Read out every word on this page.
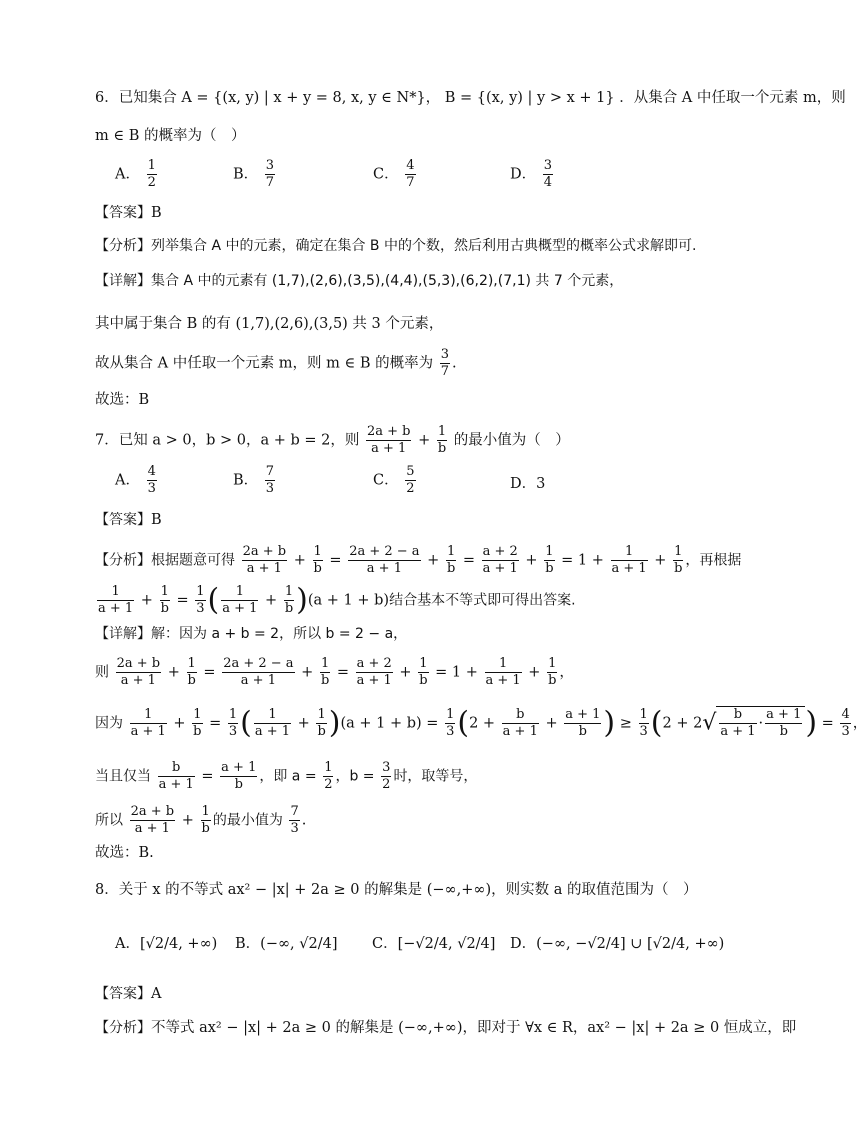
6．已知集合 A = {(x, y) | x + y = 8, x, y ∈ N*}， B = {(x, y) | y > x + 1} ．从集合 A 中任取一个元素 m，则
m ∈ B 的概率为（　）
A． $\frac{1}{2}$	B． $\frac{3}{7}$	C． $\frac{4}{7}$	D． $\frac{3}{4}$
【答案】B
【分析】列举集合 A 中的元素，确定在集合 B 中的个数，然后利用古典概型的概率公式求解即可.
【详解】集合 A 中的元素有 (1,7),(2,6),(3,5),(4,4),(5,3),(6,2),(7,1) 共 7 个元素，
其中属于集合 B 的有 (1,7),(2,6),(3,5) 共 3 个元素，
故从集合 A 中任取一个元素 m，则 m ∈ B 的概率为 $\frac{3}{7}$ .
故选：B
7．已知 a > 0，b > 0，a + b = 2，则 $\frac{2a + b}{a + 1} + \frac{1}{b}$ 的最小值为（　）
A． $\frac{4}{3}$	B． $\frac{7}{3}$	C． $\frac{5}{2}$	D．3
【答案】B
【分析】根据题意可得 $\frac{2a + b}{a + 1} + \frac{1}{b} = \frac{2a + 2 - a}{a + 1} + \frac{1}{b} = \frac{a + 2}{a + 1} + \frac{1}{b} = 1 + \frac{1}{a + 1} + \frac{1}{b}$ ，再根据
$\frac{1}{a + 1} + \frac{1}{b} = \frac{1}{3}$ ( $\frac{1}{a + 1} + \frac{1}{b} )(a + 1 + b)$结合基本不等式即可得出答案.
【详解】解：因为 a + b = 2，所以 b = 2 − a，
则 $\frac{2a + b}{a + 1} + \frac{1}{b} = \frac{2a + 2 - a}{a + 1} + \frac{1}{b} = \frac{a + 2}{a + 1} + \frac{1}{b} = 1 + \frac{1}{a + 1} + \frac{1}{b}$ ，
因为 $\frac{1}{a + 1} + \frac{1}{b} = \frac{1}{3}$ ( $\frac{1}{a + 1} + \frac{1}{b} )(a + 1 + b) = \frac{1}{3} (2 + \frac{b}{a + 1} + \frac{a + 1}{b}$ ) ≥ $\frac{1}{3} (2 + 2√ \frac{b}{a + 1} \cdot \frac{a + 1}{b}$ ) = $\frac{4}{3}$ ，
当且仅当 $\frac{b}{a + 1} = \frac{a + 1}{b}$ ，即 $a = \frac{1}{2}$ ，$b = \frac{3}{2}$ 时，取等号，
所以 $\frac{2a + b}{a + 1} + \frac{1}{b}$ 的最小值为 $\frac{7}{3}$ .
故选：B.
8．关于 x 的不等式 ax² − |x| + 2a ≥ 0 的解集是 (−∞,+∞)，则实数 a 的取值范围为（　）
A．[√2/4, +∞) B．(−∞, √2/4] C．[−√2/4, √2/4] D．(−∞, −√2/4] ∪ [√2/4, +∞)
【答案】A
【分析】不等式 ax² − |x| + 2a ≥ 0 的解集是 (−∞,+∞)，即对于 ∀x ∈ R，ax² − |x| + 2a ≥ 0 恒成立，即
